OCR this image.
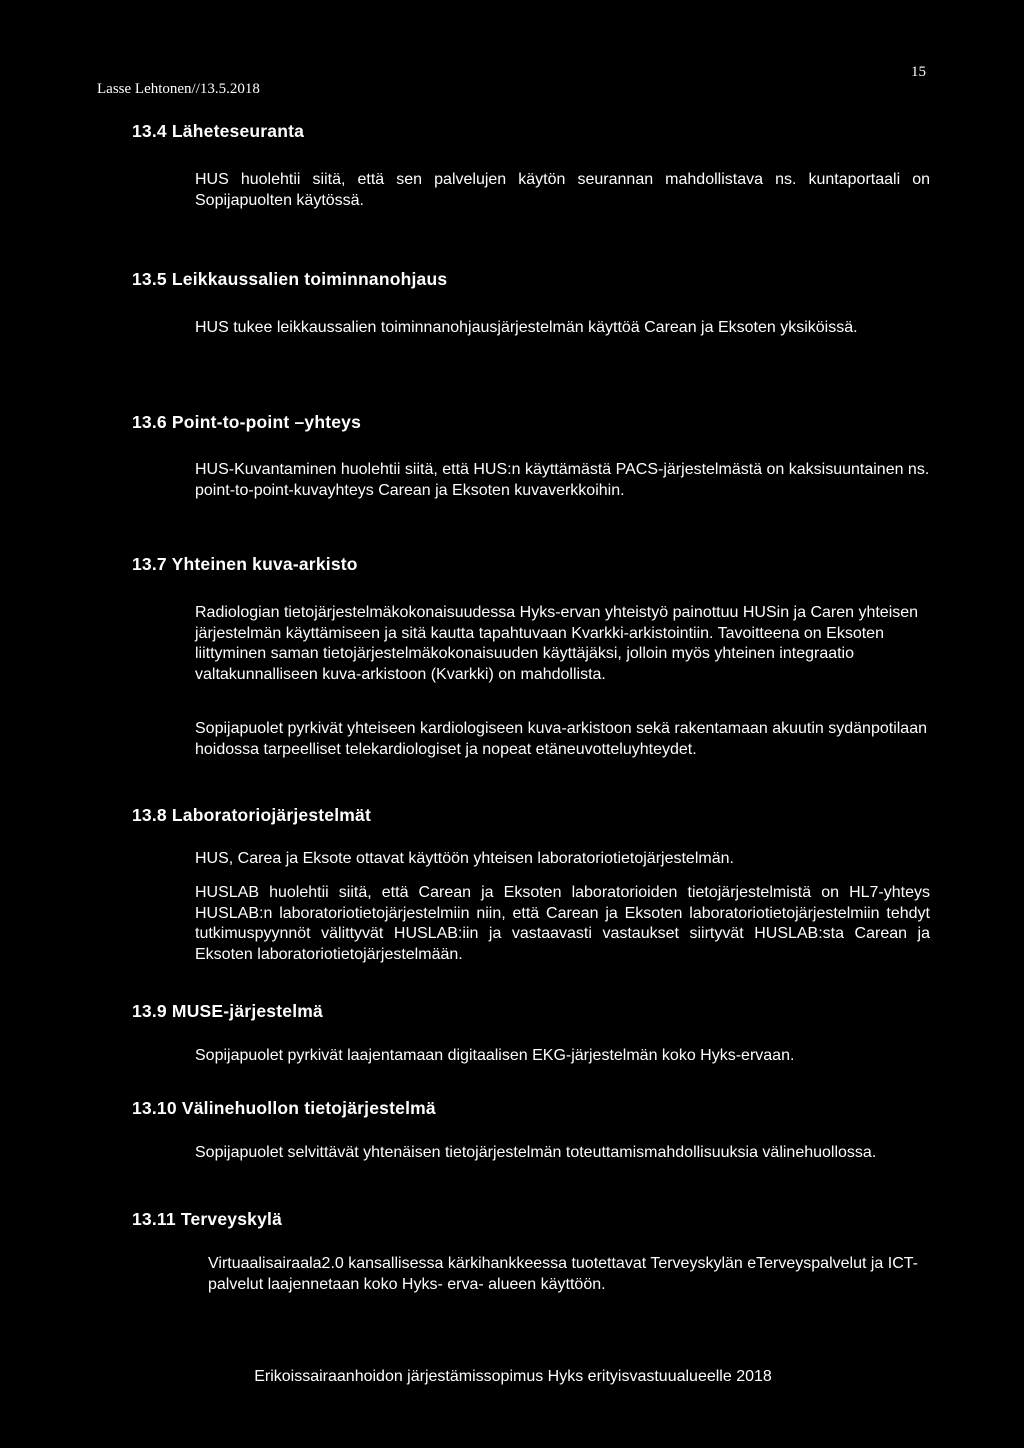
Lasse Lehtonen//13.5.2018
15
13.4 Läheteseuranta

HUS huolehtii siitä, että sen palvelujen käytön seurannan mahdollistava ns. kuntaportaali on Sopijapuolten käytössä.

13.5 Leikkaussalien toiminnanohjaus

HUS tukee leikkaussalien toiminnanohjausjärjestelmän käyttöä Carean ja Eksoten yksiköissä.

13.6 Point-to-point –yhteys

HUS-Kuvantaminen huolehtii siitä, että HUS:n käyttämästä PACS-järjestelmästä on kaksisuuntainen ns. point-to-point-kuvayhteys Carean ja Eksoten kuvaverkkoihin.

13.7 Yhteinen kuva-arkisto

Radiologian tietojärjestelmäkokonaisuudessa Hyks-ervan yhteistyö painottuu HUSin ja Caren yhteisen järjestelmän käyttämiseen ja sitä kautta tapahtuvaan Kvarkki-arkistointiin. Tavoitteena on Eksoten liittyminen saman tietojärjestelmäkokonaisuuden käyttäjäksi, jolloin myös yhteinen integraatio valtakunnalliseen kuva-arkistoon (Kvarkki) on mahdollista.

Sopijapuolet pyrkivät yhteiseen kardiologiseen kuva-arkistoon sekä rakentamaan akuutin sydänpotilaan hoidossa tarpeelliset telekardiologiset ja nopeat etäneuvotteluyhteydet.

13.8 Laboratoriojärjestelmät

HUS, Carea ja Eksote ottavat käyttöön yhteisen laboratoriotietojärjestelmän.

HUSLAB huolehtii siitä, että Carean ja Eksoten laboratorioiden tietojärjestelmistä on HL7-yhteys HUSLAB:n laboratoriotietojärjestelmiin niin, että Carean ja Eksoten laboratoriotietojärjestelmiin tehdyt tutkimuspyynnöt välittyvät HUSLAB:iin ja vastaavasti vastaukset siirtyvät HUSLAB:sta Carean ja Eksoten laboratoriotietojärjestelmään.

13.9 MUSE-järjestelmä

Sopijapuolet pyrkivät laajentamaan digitaalisen EKG-järjestelmän koko Hyks-ervaan.

13.10 Välinehuollon tietojärjestelmä

Sopijapuolet selvittävät yhtenäisen tietojärjestelmän toteuttamismahdollisuuksia välinehuollossa.

13.11 Terveyskylä

Virtuaalisairaala2.0 kansallisessa kärkihankkeessa tuotettavat Terveyskylän eTerveyspalvelut ja ICT- palvelut laajennetaan koko Hyks- erva- alueen käyttöön.

Erikoissairaanhoidon järjestämissopimus Hyks erityisvastuualueelle 2018
